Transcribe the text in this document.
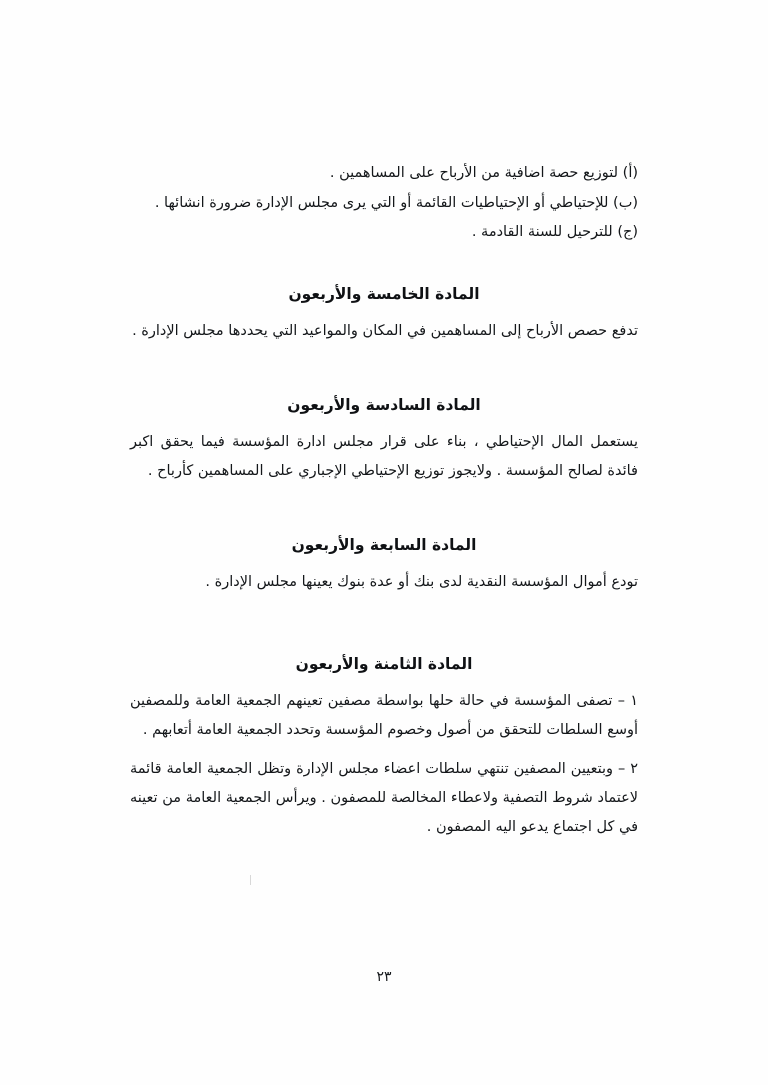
(أ) لتوزيع حصة اضافية من الأرباح على المساهمين .
(ب) للإحتياطي أو الإحتياطيات القائمة أو التي يرى مجلس الإدارة ضرورة انشائها .
(ج) للترحيل للسنة القادمة .
المادة الخامسة والأربعون

تدفع حصص الأرباح إلى المساهمين في المكان والمواعيد التي يحددها مجلس الإدارة .

المادة السادسة والأربعون

يستعمل المال الإحتياطي ، بناء على قرار مجلس ادارة المؤسسة فيما يحقق اكبر فائدة لصالح المؤسسة . ولايجوز توزيع الإحتياطي الإجباري على المساهمين كأرباح .

المادة السابعة والأربعون

تودع أموال المؤسسة النقدية لدى بنك أو عدة بنوك يعينها مجلس الإدارة .

المادة الثامنة والأربعون
١ – تصفى المؤسسة في حالة حلها بواسطة مصفين تعينهم الجمعية العامة وللمصفين أوسع السلطات للتحقق من أصول وخصوم المؤسسة وتحدد الجمعية العامة أتعابهم .
٢ – وبتعيين المصفين تنتهي سلطات اعضاء مجلس الإدارة وتظل الجمعية العامة قائمة لاعتماد شروط التصفية ولاعطاء المخالصة للمصفون . ويرأس الجمعية العامة من تعينه في كل اجتماع يدعو اليه المصفون .
٢٣
